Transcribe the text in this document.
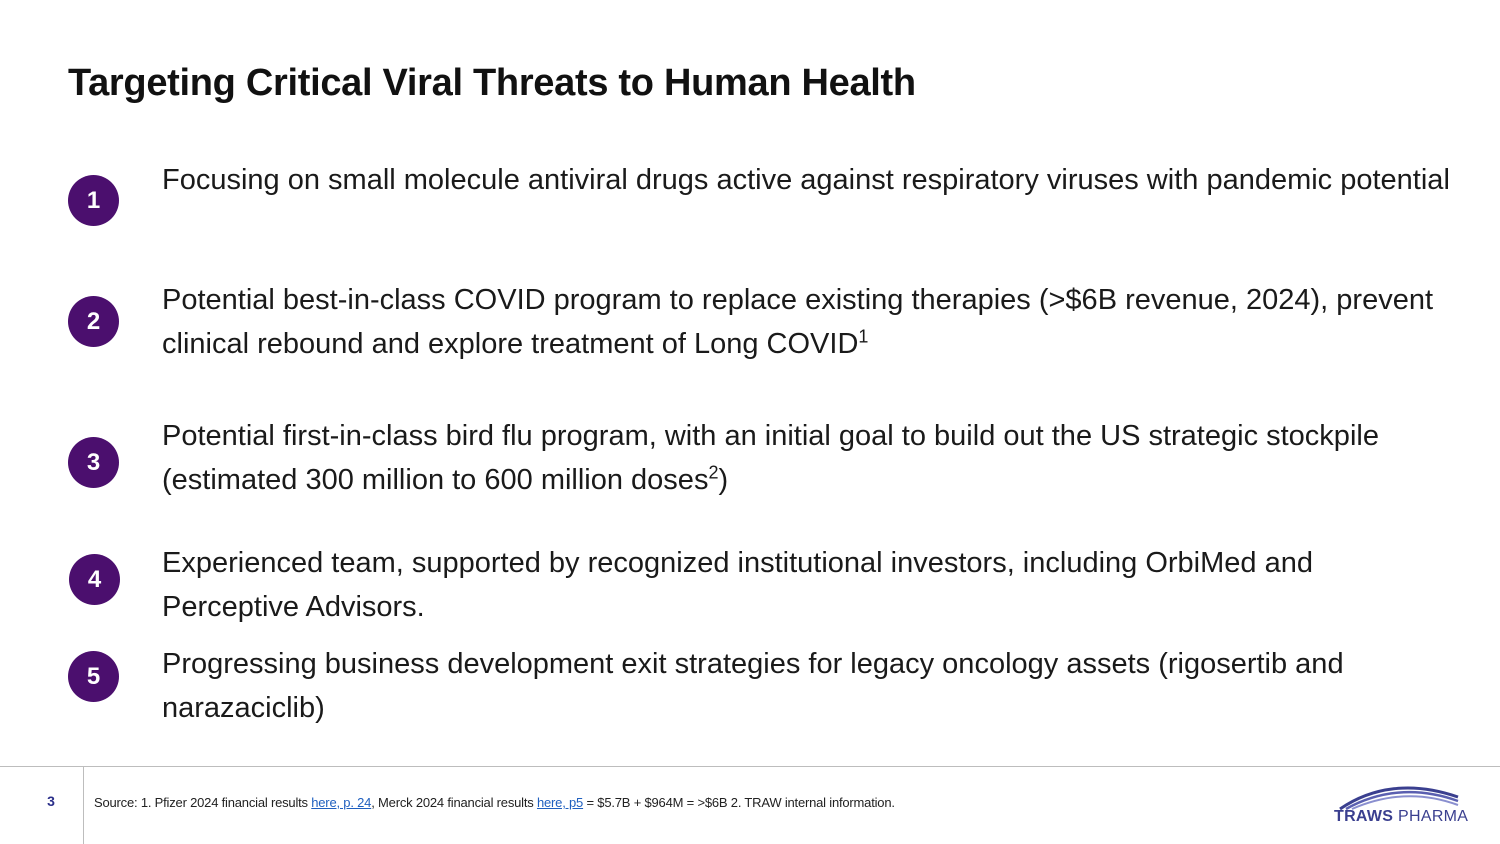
Targeting Critical Viral Threats to Human Health
1
Focusing on small molecule antiviral drugs active against respiratory viruses with pandemic potential
2
Potential best-in-class COVID program to replace existing therapies (>$6B revenue, 2024), prevent clinical rebound and explore treatment of Long COVID$^1$
3
Potential first-in-class bird flu program, with an initial goal to build out the US strategic stockpile (estimated 300 million to 600 million doses$^2$)
4	Experienced team, supported by recognized institutional investors, including OrbiMed and Perceptive Advisors.
5	Progressing business development exit strategies for legacy oncology assets (rigosertib and narazaciclib)
3	Source: 1. Pfizer 2024 financial results here, p. 24, Merck 2024 financial results here, p5 = $5.7B + $964M = >$6B 2. TRAW internal information.
TRAWS PHARMA
